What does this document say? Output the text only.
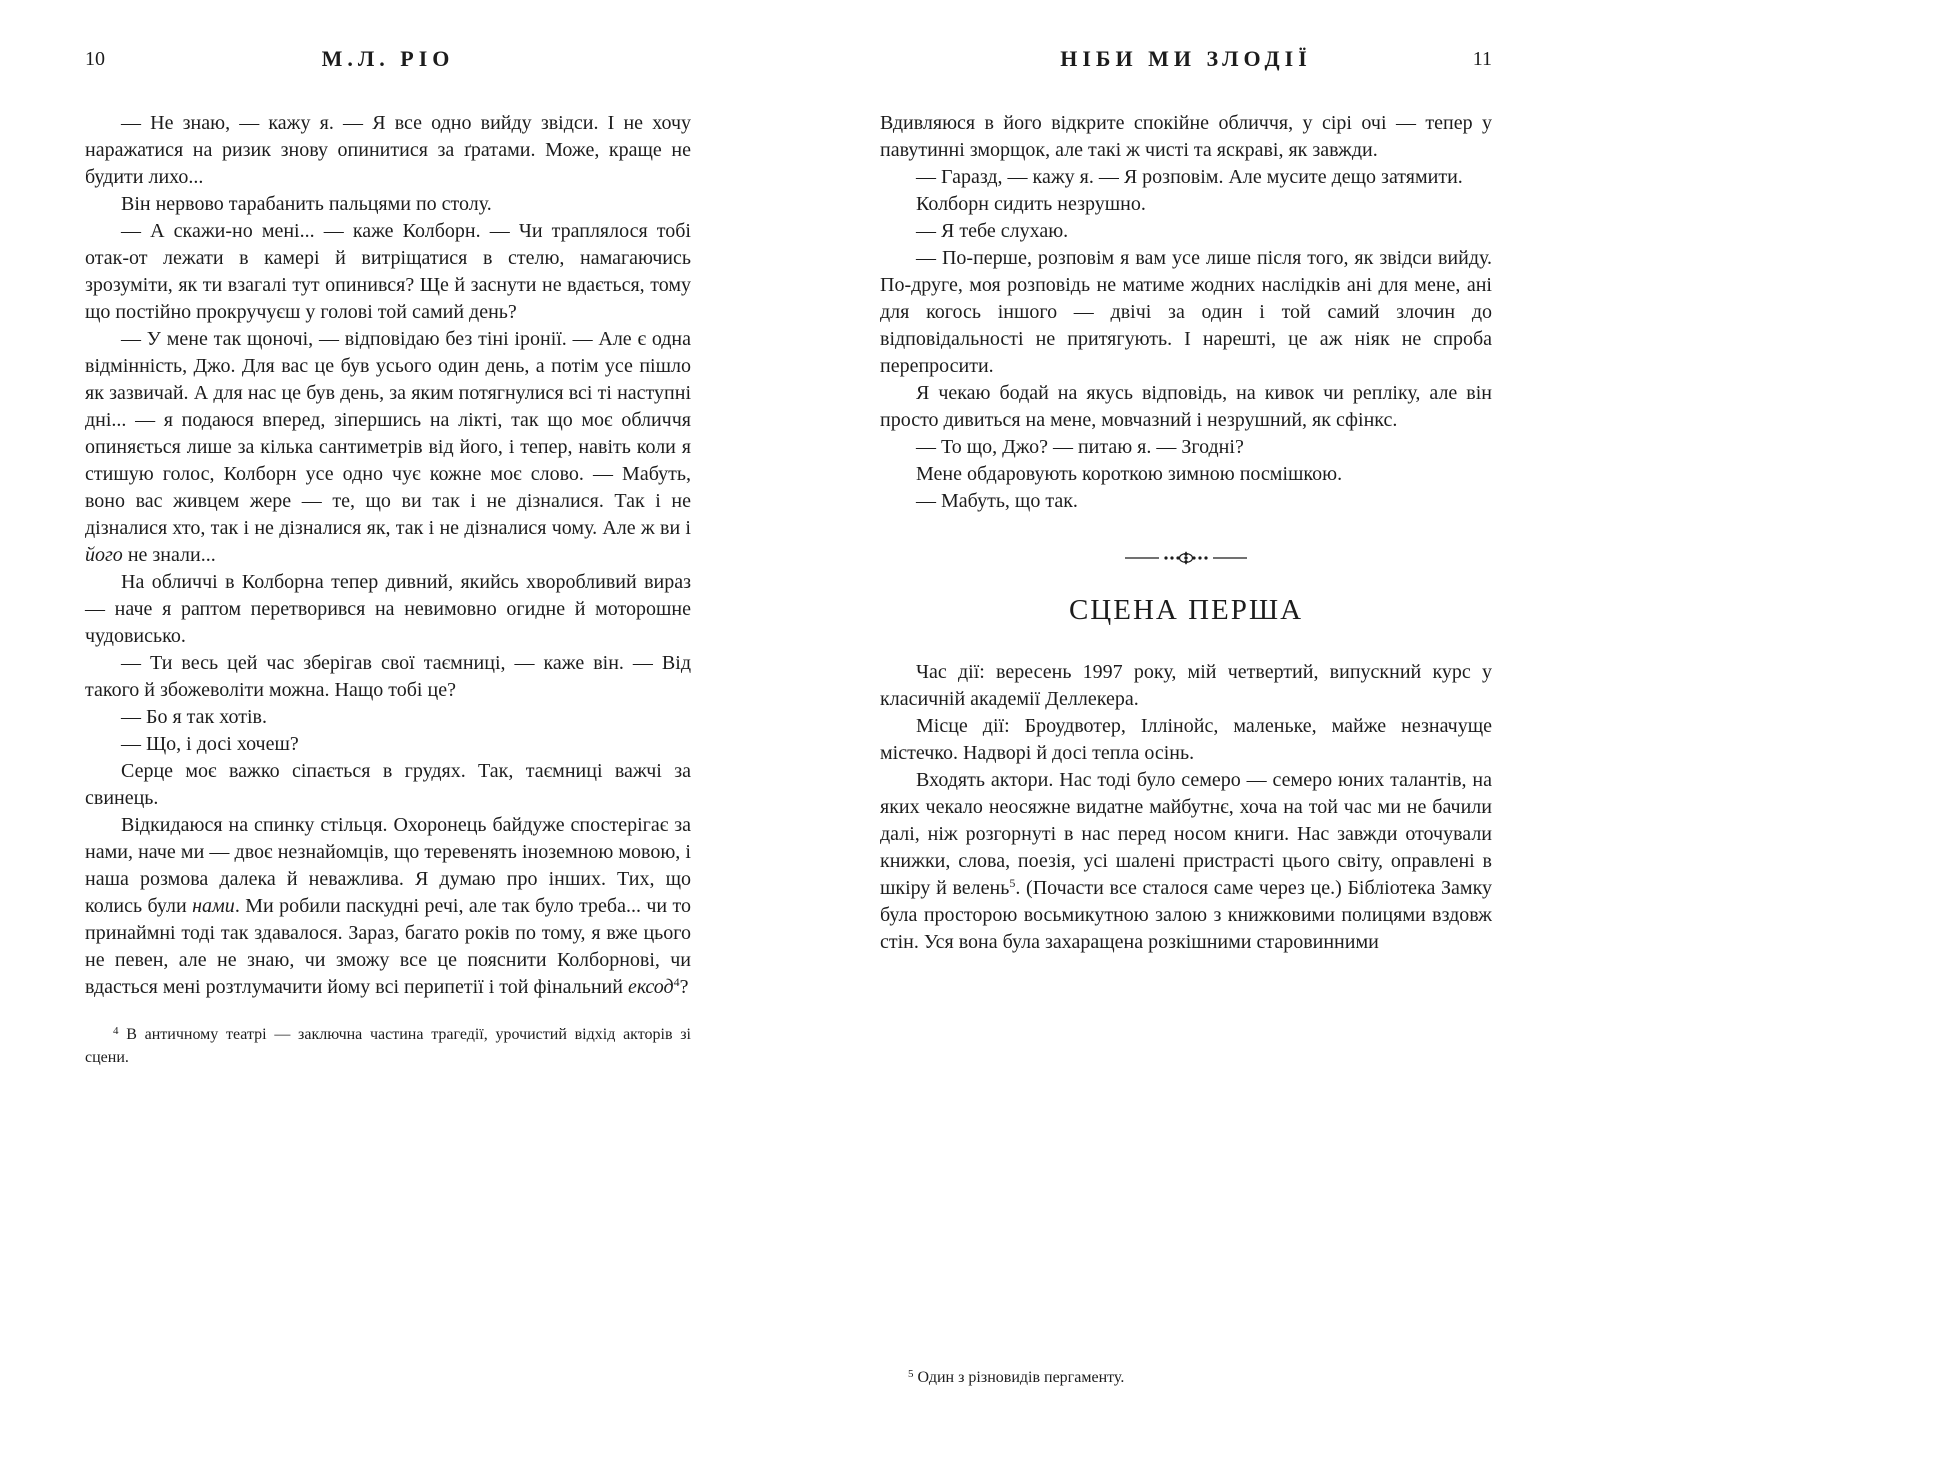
10	М.Л. РІО

— Не знаю, — кажу я. — Я все одно вийду звідси. І не хочу наражатися на ризик знову опинитися за ґратами. Може, краще не будити лихо...

Він нервово тарабанить пальцями по столу.

— А скажи-но мені... — каже Колборн. — Чи траплялося тобі отак-от лежати в камері й витріщатися в стелю, намагаючись зрозуміти, як ти взагалі тут опинився? Ще й заснути не вдається, тому що постійно прокручуєш у голові той самий день?

— У мене так щоночі, — відповідаю без тіні іронії. — Але є одна відмінність, Джо. Для вас це був усього один день, а потім усе пішло як зазвичай. А для нас це був день, за яким потягнулися всі ті наступні дні... — я подаюся вперед, зіпершись на лікті, так що моє обличчя опиняється лише за кілька сантиметрів від його, і тепер, навіть коли я стишую голос, Колборн усе одно чує кожне моє слово. — Мабуть, воно вас живцем жере — те, що ви так і не дізналися. Так і не дізналися хто, так і не дізналися як, так і не дізналися чому. Але ж ви і його не знали...

На обличчі в Колборна тепер дивний, якийсь хворобливий вираз — наче я раптом перетворився на невимовно огидне й моторошне чудовисько.

— Ти весь цей час зберігав свої таємниці, — каже він. — Від такого й збожеволіти можна. Нащо тобі це?

— Бо я так хотів.

— Що, і досі хочеш?

Серце моє важко сіпається в грудях. Так, таємниці важчі за свинець.

Відкидаюся на спинку стільця. Охоронець байдуже спостерігає за нами, наче ми — двоє незнайомців, що теревенять іноземною мовою, і наша розмова далека й неважлива. Я думаю про інших. Тих, що колись були нами. Ми робили паскудні речі, але так було треба... чи то принаймні тоді так здавалося. Зараз, багато років по тому, я вже цього не певен, але не знаю, чи зможу все це пояснити Колборнові, чи вдасться мені розтлумачити йому всі перипетії і той фінальний ексод$^4$?

$^4$ В античному театрі — заключна частина трагедії, урочистий відхід акторів зі сцени.

НІБИ МИ ЗЛОДІЇ	11

Вдивляюся в його відкрите спокійне обличчя, у сірі очі — тепер у павутинні зморщок, але такі ж чисті та яскраві, як завжди.

— Гаразд, — кажу я. — Я розповім. Але мусите дещо затямити.

Колборн сидить незрушно.

— Я тебе слухаю.

— По-перше, розповім я вам усе лише після того, як звідси вийду. По-друге, моя розповідь не матиме жодних наслідків ані для мене, ані для когось іншого — двічі за один і той самий злочин до відповідальності не притягують. І нарешті, це аж ніяк не спроба перепросити.

Я чекаю бодай на якусь відповідь, на кивок чи репліку, але він просто дивиться на мене, мовчазний і незрушний, як сфінкс.

— То що, Джо? — питаю я. — Згодні?

Мене обдаровують короткою зимною посмішкою.

— Мабуть, що так.

СЦЕНА ПЕРША

Час дії: вересень 1997 року, мій четвертий, випускний курс у класичній академії Деллекера.

Місце дії: Броудвотер, Іллінойс, маленьке, майже незначуще містечко. Надворі й досі тепла осінь.

Входять актори. Нас тоді було семеро — семеро юних талантів, на яких чекало неосяжне видатне майбутнє, хоча на той час ми не бачили далі, ніж розгорнуті в нас перед носом книги. Нас завжди оточували книжки, слова, поезія, усі шалені пристрасті цього світу, оправлені в шкіру й велень$^5$. (Почасти все сталося саме через це.) Бібліотека Замку була просторою восьмикутною залою з книжковими полицями вздовж стін. Уся вона була захаращена розкішними старовинними

$^5$ Один з різновидів пергаменту.
